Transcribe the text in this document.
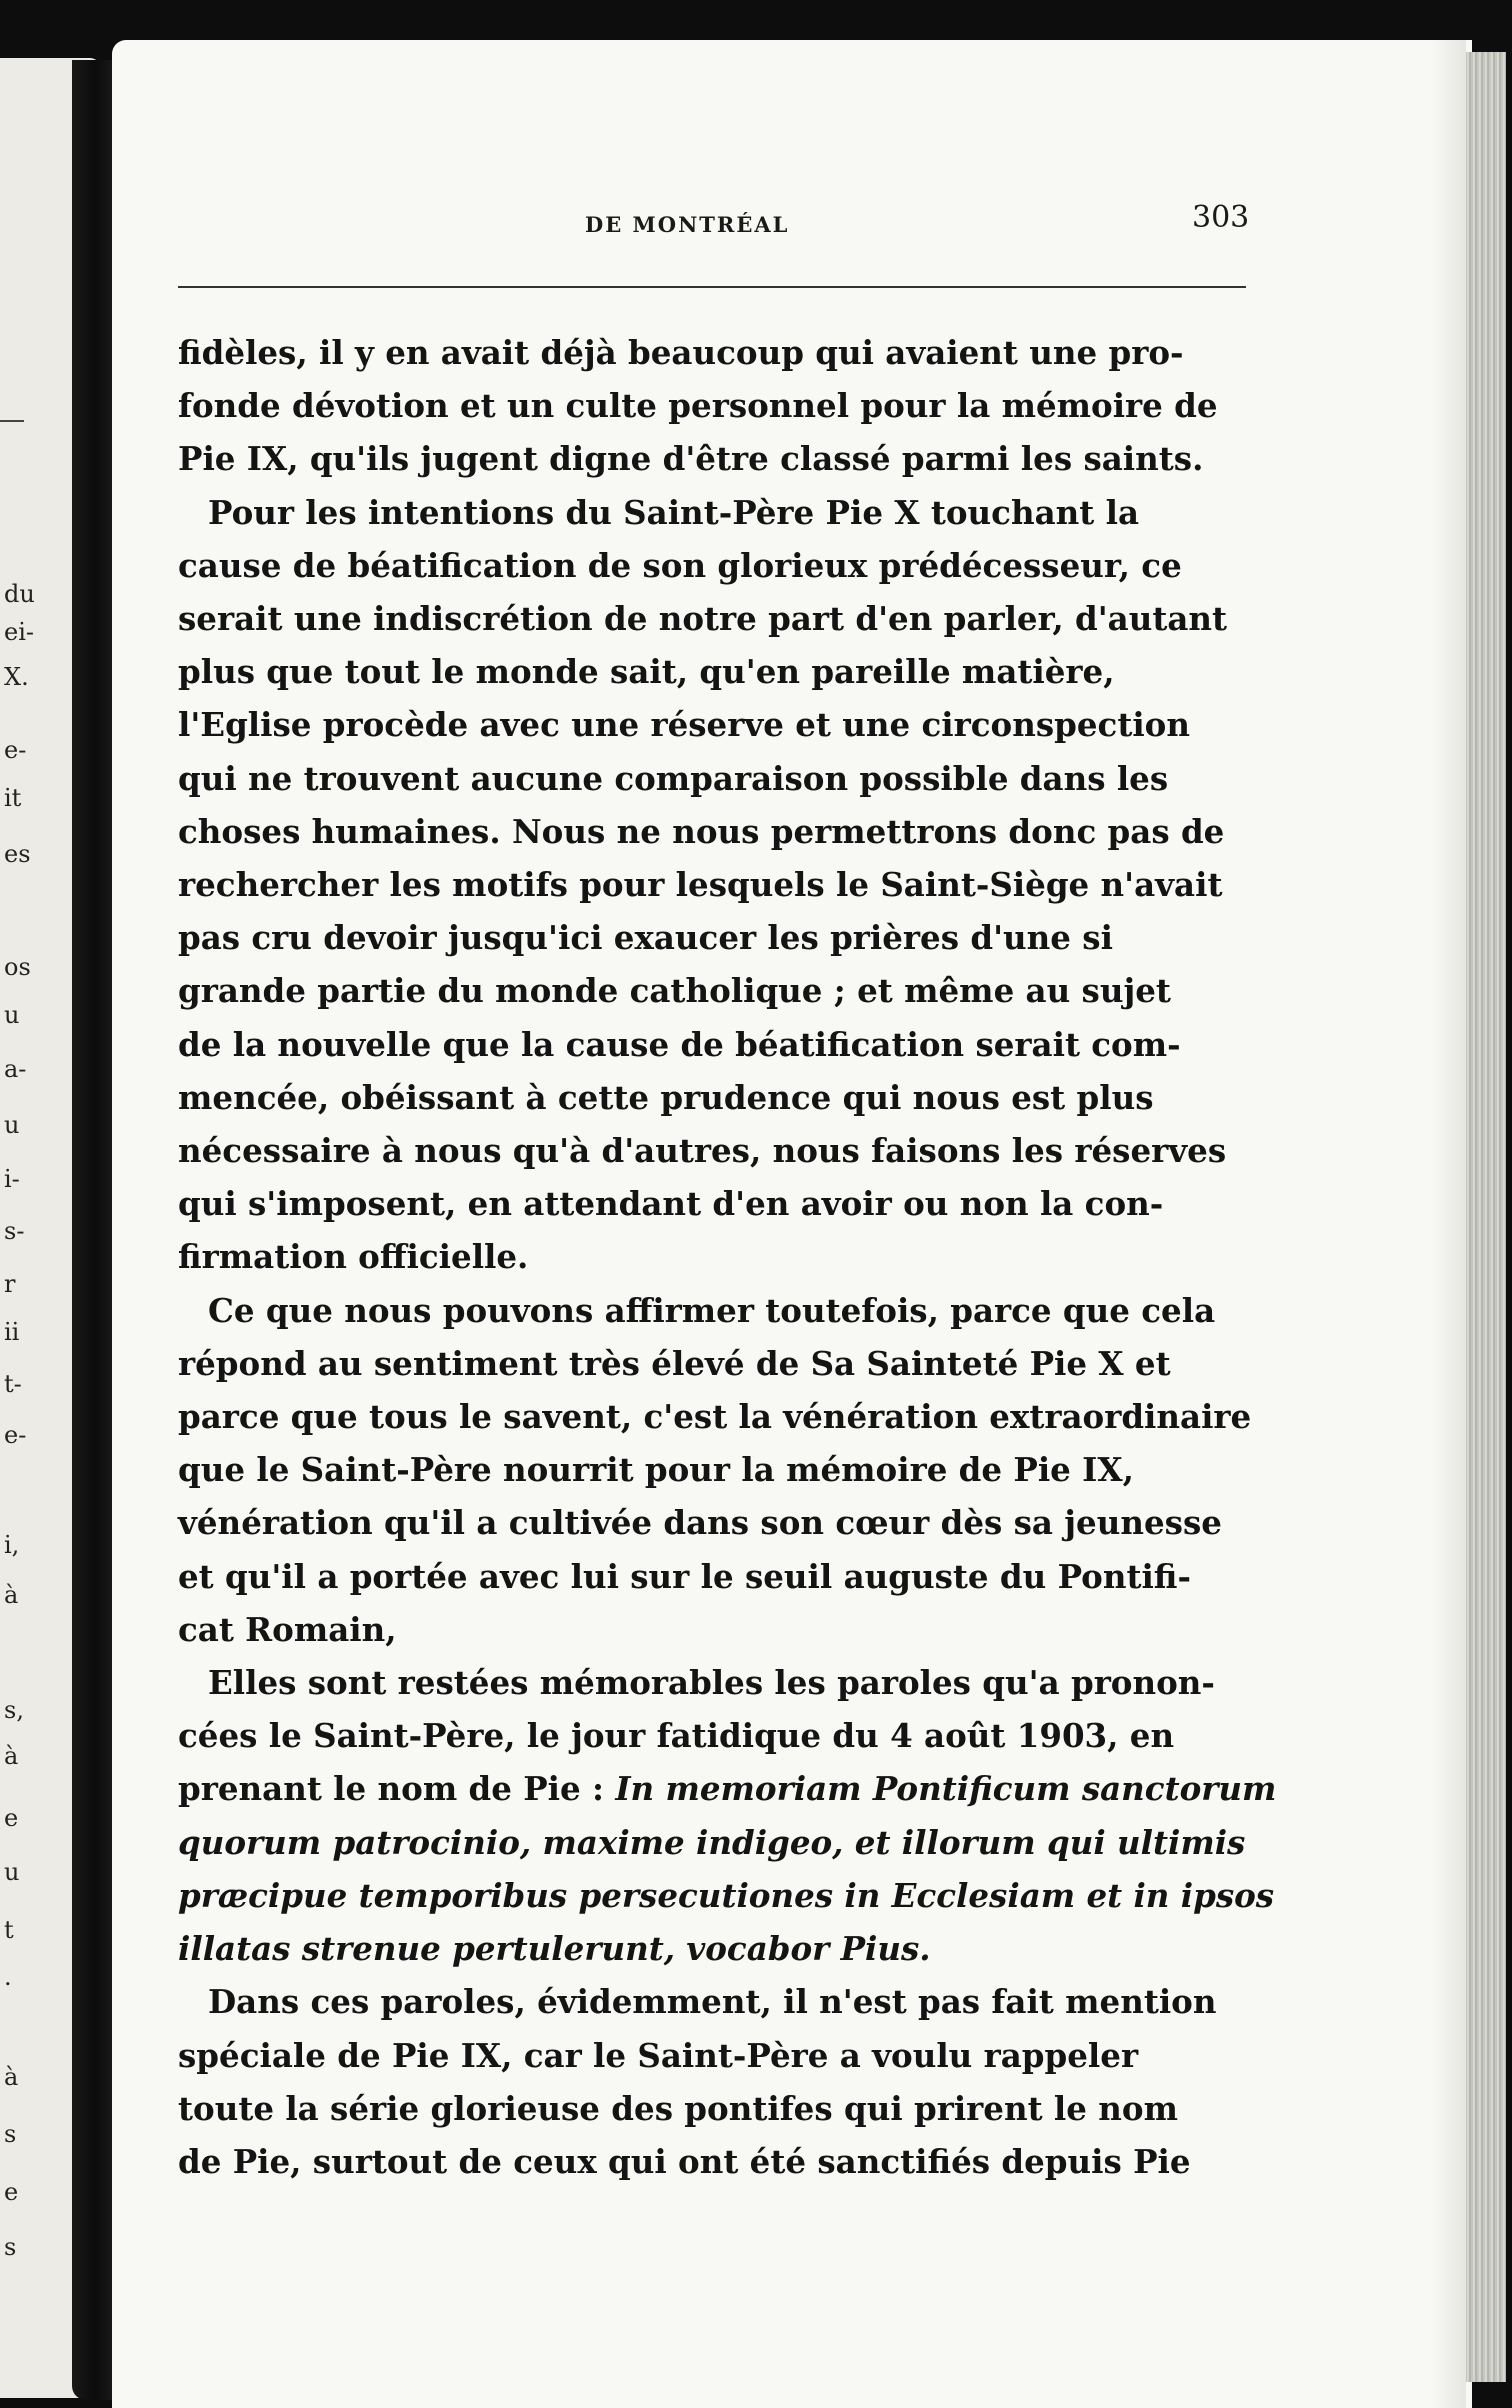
DE MONTRÉAL	303
fidèles, il y en avait déjà beaucoup qui avaient une pro-
fonde dévotion et un culte personnel pour la mémoire de
Pie IX, qu'ils jugent digne d'être classé parmi les saints.
Pour les intentions du Saint-Père Pie X touchant la
cause de béatification de son glorieux prédécesseur, ce
serait une indiscrétion de notre part d'en parler, d'autant
plus que tout le monde sait, qu'en pareille matière,
l'Eglise procède avec une réserve et une circonspection
qui ne trouvent aucune comparaison possible dans les
choses humaines. Nous ne nous permettrons donc pas de
rechercher les motifs pour lesquels le Saint-Siège n'avait
pas cru devoir jusqu'ici exaucer les prières d'une si
grande partie du monde catholique ; et même au sujet
de la nouvelle que la cause de béatification serait com-
mencée, obéissant à cette prudence qui nous est plus
nécessaire à nous qu'à d'autres, nous faisons les réserves
qui s'imposent, en attendant d'en avoir ou non la con-
firmation officielle.
Ce que nous pouvons affirmer toutefois, parce que cela
répond au sentiment très élevé de Sa Sainteté Pie X et
parce que tous le savent, c'est la vénération extraordinaire
que le Saint-Père nourrit pour la mémoire de Pie IX,
vénération qu'il a cultivée dans son cœur dès sa jeunesse
et qu'il a portée avec lui sur le seuil auguste du Pontifi-
cat Romain,
Elles sont restées mémorables les paroles qu'a pronon-
cées le Saint-Père, le jour fatidique du 4 août 1903, en
prenant le nom de Pie : In memoriam Pontificum sanctorum
quorum patrocinio, maxime indigeo, et illorum qui ultimis
præcipue temporibus persecutiones in Ecclesiam et in ipsos
illatas strenue pertulerunt, vocabor Pius.
Dans ces paroles, évidemment, il n'est pas fait mention
spéciale de Pie IX, car le Saint-Père a voulu rappeler
toute la série glorieuse des pontifes qui prirent le nom
de Pie, surtout de ceux qui ont été sanctifiés depuis Pie
du
ei-
X.
e-
it
es
os
u
a-
u
i-
s-
r
ii
t-
e-
i,
à
s,
à
e
u
t
.
à
s
e
s
